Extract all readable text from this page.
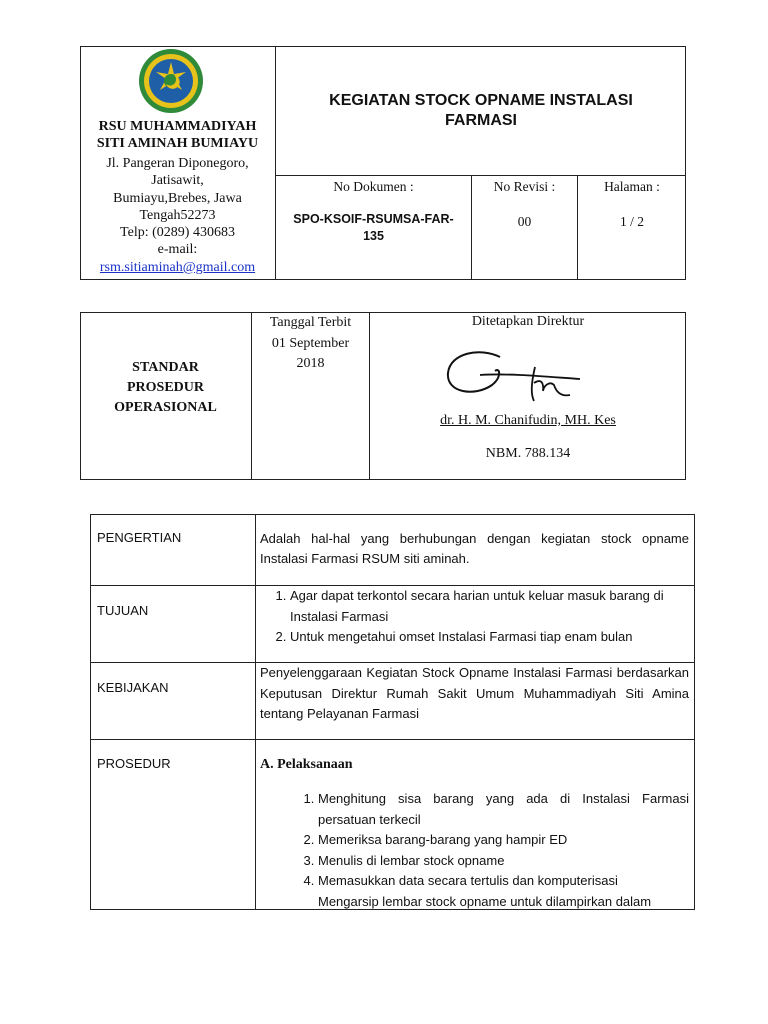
RSU MUHAMMADIYAH
SITI AMINAH BUMIAYU
Jl. Pangeran Diponegoro,
Jatisawit,
Bumiayu,Brebes, Jawa
Tengah52273
Telp: (0289) 430683
e-mail:
rsm.sitiaminah@gmail.com
KEGIATAN STOCK OPNAME INSTALASI
FARMASI
No Dokumen :
SPO-KSOIF-RSUMSA-FAR-
135
No Revisi :
00
Halaman :
1 / 2
STANDAR
PROSEDUR
OPERASIONAL
Tanggal Terbit
01 September
2018
Ditetapkan Direktur
dr. H. M. Chanifudin, MH. Kes
NBM. 788.134
PENGERTIAN	Adalah hal-hal yang berhubungan dengan kegiatan stock opname Instalasi Farmasi RSUM siti aminah.
TUJUAN
1. Agar dapat terkontol secara harian untuk keluar masuk barang di Instalasi Farmasi
2. Untuk mengetahui omset Instalasi Farmasi tiap enam bulan
KEBIJAKAN
Penyelenggaraan Kegiatan Stock Opname Instalasi Farmasi berdasarkan Keputusan Direktur Rumah Sakit Umum Muhammadiyah Siti Amina tentang Pelayanan Farmasi
PROSEDUR	A. Pelaksanaan
1. Menghitung sisa barang yang ada di Instalasi Farmasi persatuan terkecil
2. Memeriksa barang-barang yang hampir ED
3. Menulis di lembar stock opname
4. Memasukkan data secara tertulis dan komputerisasi
5. Mengarsip lembar stock opname untuk dilampirkan dalam
